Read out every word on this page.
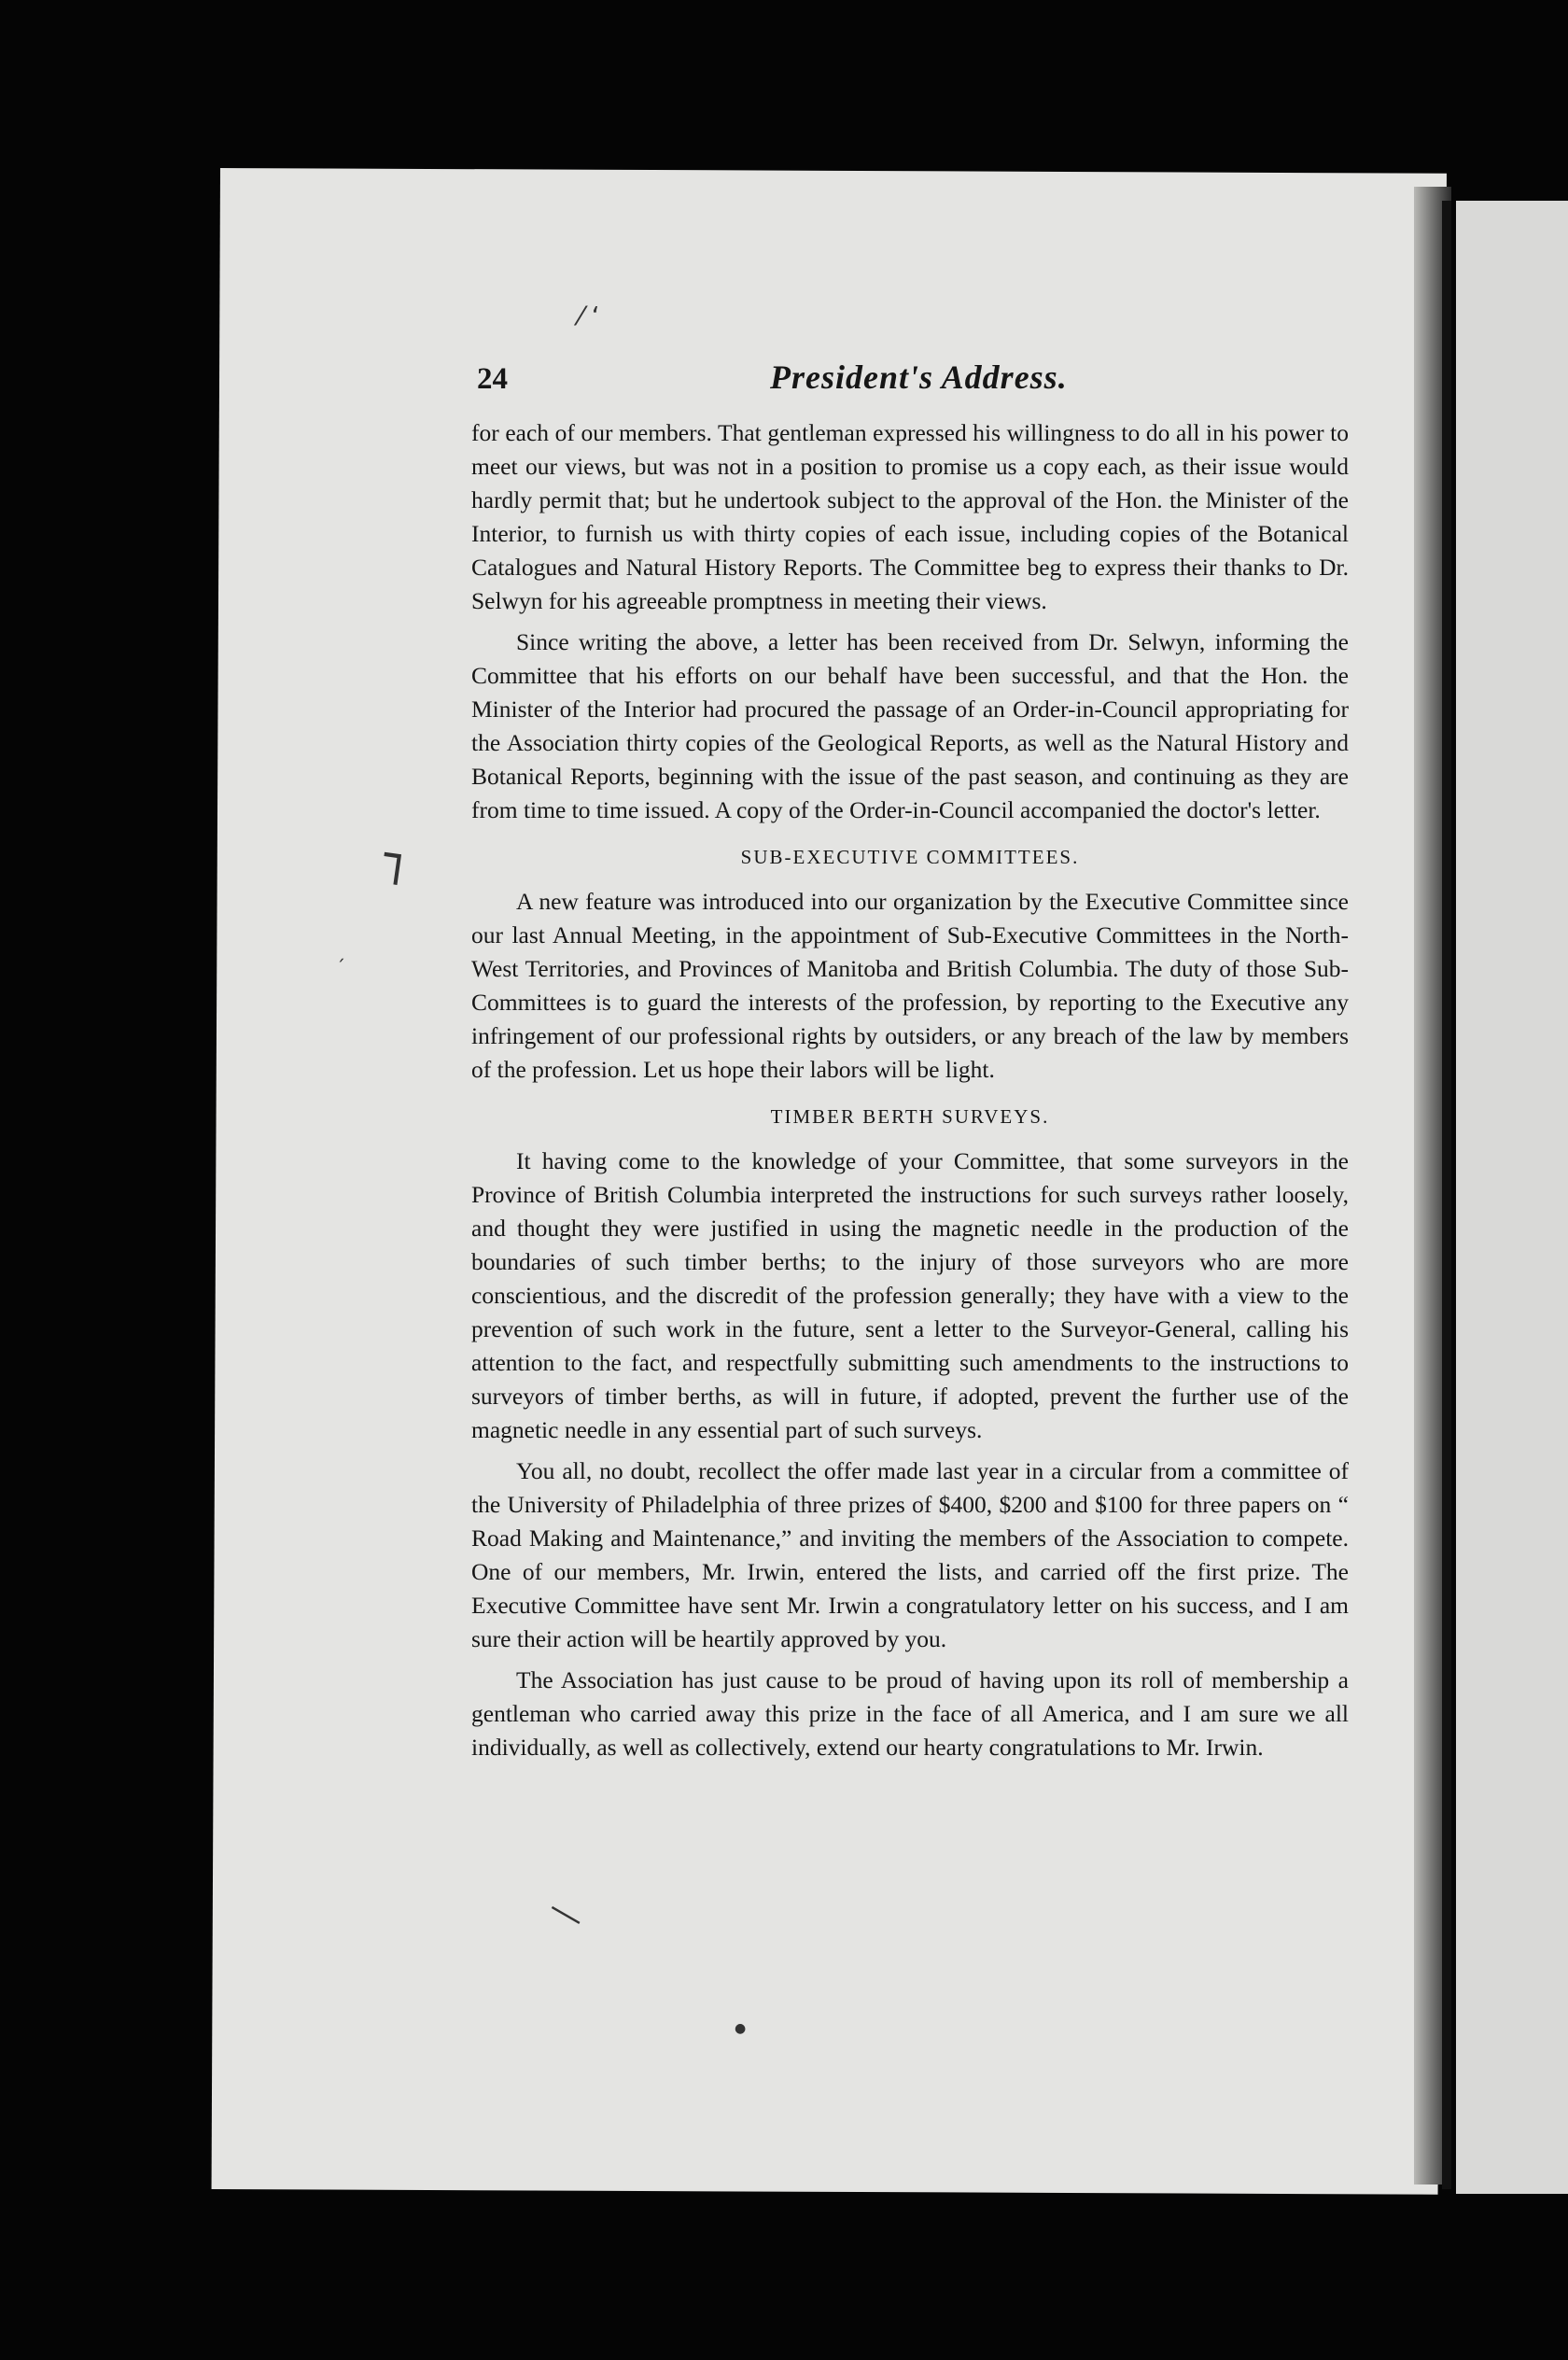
⁄ ‘
┐
´
―
●
24	President's Address.

for each of our members. That gentleman expressed his willingness to do all in his power to meet our views, but was not in a position to promise us a copy each, as their issue would hardly permit that; but he undertook subject to the approval of the Hon. the Minister of the Interior, to furnish us with thirty copies of each issue, including copies of the Botanical Catalogues and Natural History Reports. The Committee beg to express their thanks to Dr. Selwyn for his agreeable promptness in meeting their views.

Since writing the above, a letter has been received from Dr. Selwyn, informing the Committee that his efforts on our behalf have been successful, and that the Hon. the Minister of the Interior had procured the passage of an Order-in-Council appropriating for the Association thirty copies of the Geological Reports, as well as the Natural History and Botanical Reports, beginning with the issue of the past season, and continuing as they are from time to time issued. A copy of the Order-in-Council accompanied the doctor's letter.

SUB-EXECUTIVE COMMITTEES.

A new feature was introduced into our organization by the Executive Committee since our last Annual Meeting, in the appointment of Sub-Executive Committees in the North-West Territories, and Provinces of Manitoba and British Columbia. The duty of those Sub-Committees is to guard the interests of the profession, by reporting to the Executive any infringement of our professional rights by outsiders, or any breach of the law by members of the profession. Let us hope their labors will be light.

TIMBER BERTH SURVEYS.

It having come to the knowledge of your Committee, that some surveyors in the Province of British Columbia interpreted the instructions for such surveys rather loosely, and thought they were justified in using the magnetic needle in the production of the boundaries of such timber berths; to the injury of those surveyors who are more conscientious, and the discredit of the profession generally; they have with a view to the prevention of such work in the future, sent a letter to the Surveyor-General, calling his attention to the fact, and respectfully submitting such amendments to the instructions to surveyors of timber berths, as will in future, if adopted, prevent the further use of the magnetic needle in any essential part of such surveys.

You all, no doubt, recollect the offer made last year in a circular from a committee of the University of Philadelphia of three prizes of $400, $200 and $100 for three papers on “ Road Making and Maintenance,” and inviting the members of the Association to compete. One of our members, Mr. Irwin, entered the lists, and carried off the first prize. The Executive Committee have sent Mr. Irwin a congratulatory letter on his success, and I am sure their action will be heartily approved by you.

The Association has just cause to be proud of having upon its roll of membership a gentleman who carried away this prize in the face of all America, and I am sure we all individually, as well as collectively, extend our hearty congratulations to Mr. Irwin.
